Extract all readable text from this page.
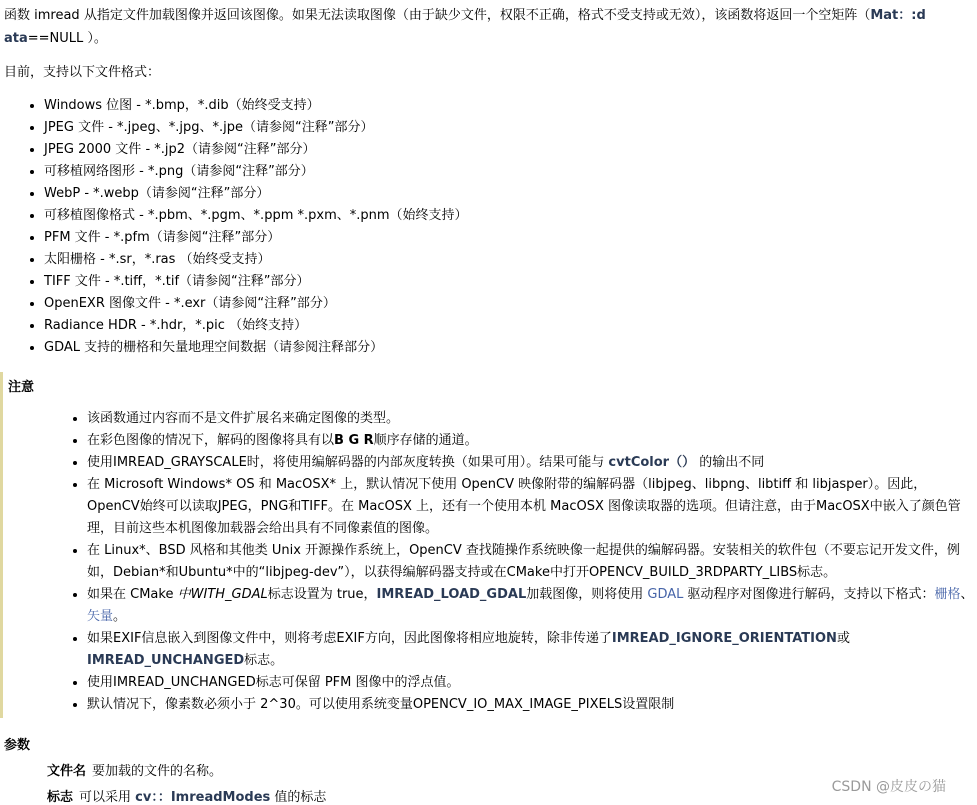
函数 imread 从指定文件加载图像并返回该图像。如果无法读取图像（由于缺少文件，权限不正确，格式不受支持或无效），该函数将返回一个空矩阵（Mat：:d ata==NULL ）。
目前，支持以下文件格式：
• Windows 位图 - *.bmp，*.dib（始终受支持）
• JPEG 文件 - *.jpeg、*.jpg、*.jpe（请参阅“注释”部分）
• JPEG 2000 文件 - *.jp2（请参阅“注释”部分）
• 可移植网络图形 - *.png（请参阅“注释”部分）
• WebP - *.webp（请参阅“注释”部分）
• 可移植图像格式 - *.pbm、*.pgm、*.ppm *.pxm、*.pnm（始终支持）
• PFM 文件 - *.pfm（请参阅“注释”部分）
• 太阳栅格 - *.sr，*.ras （始终受支持）
• TIFF 文件 - *.tiff，*.tif（请参阅“注释”部分）
• OpenEXR 图像文件 - *.exr（请参阅“注释”部分）
• Radiance HDR - *.hdr，*.pic （始终支持）
• GDAL 支持的栅格和矢量地理空间数据（请参阅注释部分）
注意
• 该函数通过内容而不是文件扩展名来确定图像的类型。
• 在彩色图像的情况下，解码的图像将具有以B G R顺序存储的通道。
• 使用IMREAD_GRAYSCALE时，将使用编解码器的内部灰度转换（如果可用）。结果可能与 cvtColor（） 的输出不同
• 在 Microsoft Windows* OS 和 MacOSX* 上，默认情况下使用 OpenCV 映像附带的编解码器（libjpeg、libpng、libtiff 和 libjasper）。因此，OpenCV始终可以读取JPEG，PNG和TIFF。在 MacOSX 上，还有一个使用本机 MacOSX 图像读取器的选项。但请注意，由于MacOSX中嵌入了颜色管理，目前这些本机图像加载器会给出具有不同像素值的图像。
• 在 Linux*、BSD 风格和其他类 Unix 开源操作系统上，OpenCV 查找随操作系统映像一起提供的编解码器。安装相关的软件包（不要忘记开发文件，例如，Debian*和Ubuntu*中的“libjpeg-dev”），以获得编解码器支持或在CMake中打开OPENCV_BUILD_3RDPARTY_LIBS标志。
• 如果在 CMake 中WITH_GDAL标志设置为 true，IMREAD_LOAD_GDAL加载图像，则将使用 GDAL 驱动程序对图像进行解码，支持以下格式：栅格、矢量。
• 如果EXIF信息嵌入到图像文件中，则将考虑EXIF方向，因此图像将相应地旋转，除非传递了IMREAD_IGNORE_ORIENTATION或IMREAD_UNCHANGED标志。
• 使用IMREAD_UNCHANGED标志可保留 PFM 图像中的浮点值。
• 默认情况下，像素数必须小于 2^30。可以使用系统变量OPENCV_IO_MAX_IMAGE_PIXELS设置限制
参数
文件名 要加载的文件的名称。
标志 可以采用 cv：：ImreadModes 值的标志
CSDN @皮皮の猫
